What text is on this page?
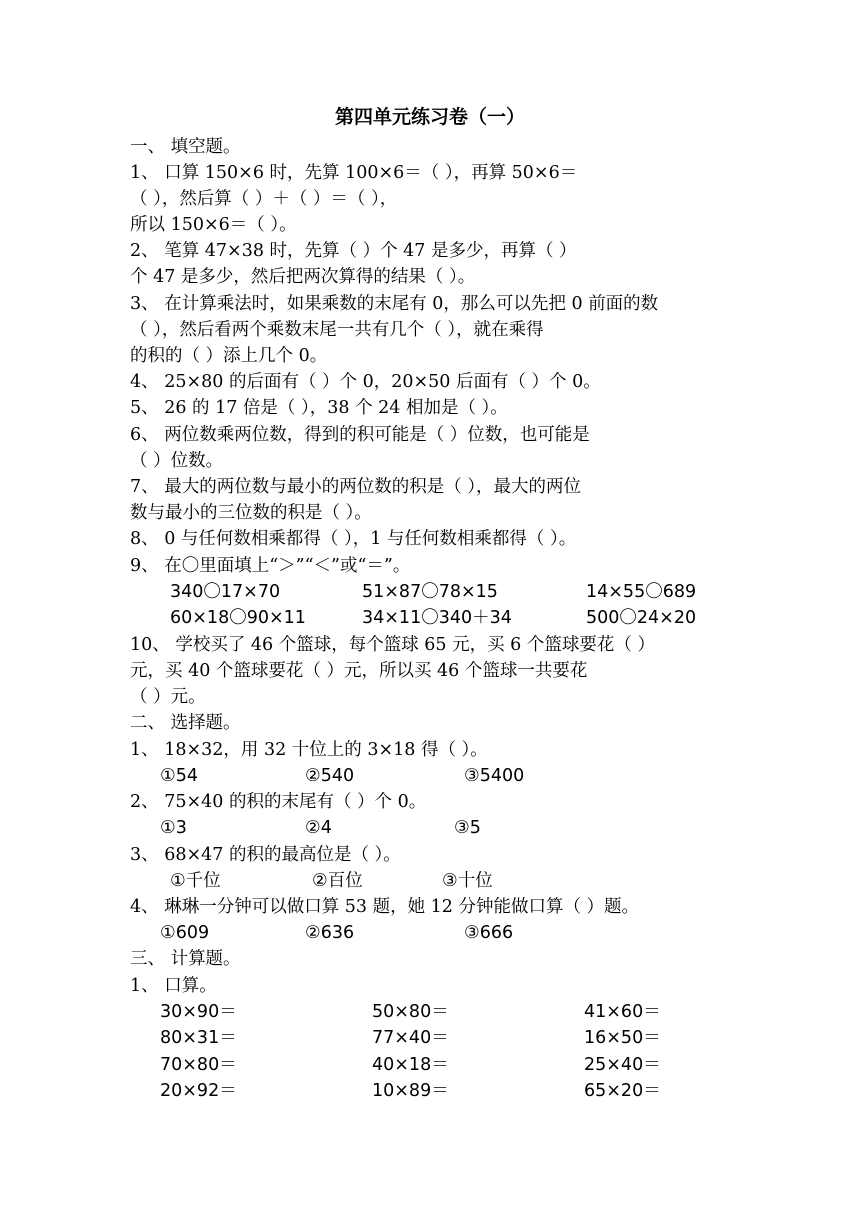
第四单元练习卷（一）
一、 填空题。
1、 口算 150×6 时，先算 100×6＝（ ），再算 50×6＝
（ ），然后算（ ）＋（ ）＝（ ），
所以 150×6＝（ ）。
2、 笔算 47×38 时，先算（ ）个 47 是多少，再算（ ）
个 47 是多少，然后把两次算得的结果（ ）。
3、 在计算乘法时，如果乘数的末尾有 0，那么可以先把 0 前面的数
（ ），然后看两个乘数末尾一共有几个（ ），就在乘得
的积的（ ）添上几个 0。
4、 25×80 的后面有（ ）个 0，20×50 后面有（ ）个 0。
5、 26 的 17 倍是（ ），38 个 24 相加是（ ）。
6、 两位数乘两位数，得到的积可能是（ ）位数，也可能是
（ ）位数。
7、 最大的两位数与最小的两位数的积是（ ），最大的两位
数与最小的三位数的积是（ ）。
8、 0 与任何数相乘都得（ ），1 与任何数相乘都得（ ）。
9、 在〇里面填上“＞”“＜”或“＝”。
340〇17×70	51×87〇78×15	14×55〇689
60×18〇90×11	34×11〇340＋34	500〇24×20
10、 学校买了 46 个篮球，每个篮球 65 元，买 6 个篮球要花（ ）
元，买 40 个篮球要花（ ）元，所以买 46 个篮球一共要花
（ ）元。
二、 选择题。
1、 18×32，用 32 十位上的 3×18 得（ ）。
①54	②540	③5400
2、 75×40 的积的末尾有（ ）个 0。
①3	②4	③5
3、 68×47 的积的最高位是（ ）。
①千位	②百位	③十位
4、 琳琳一分钟可以做口算 53 题，她 12 分钟能做口算（ ）题。
①609	②636	③666
三、 计算题。
1、 口算。
30×90＝	50×80＝	41×60＝
80×31＝	77×40＝	16×50＝
70×80＝	40×18＝	25×40＝
20×92＝	10×89＝	65×20＝
